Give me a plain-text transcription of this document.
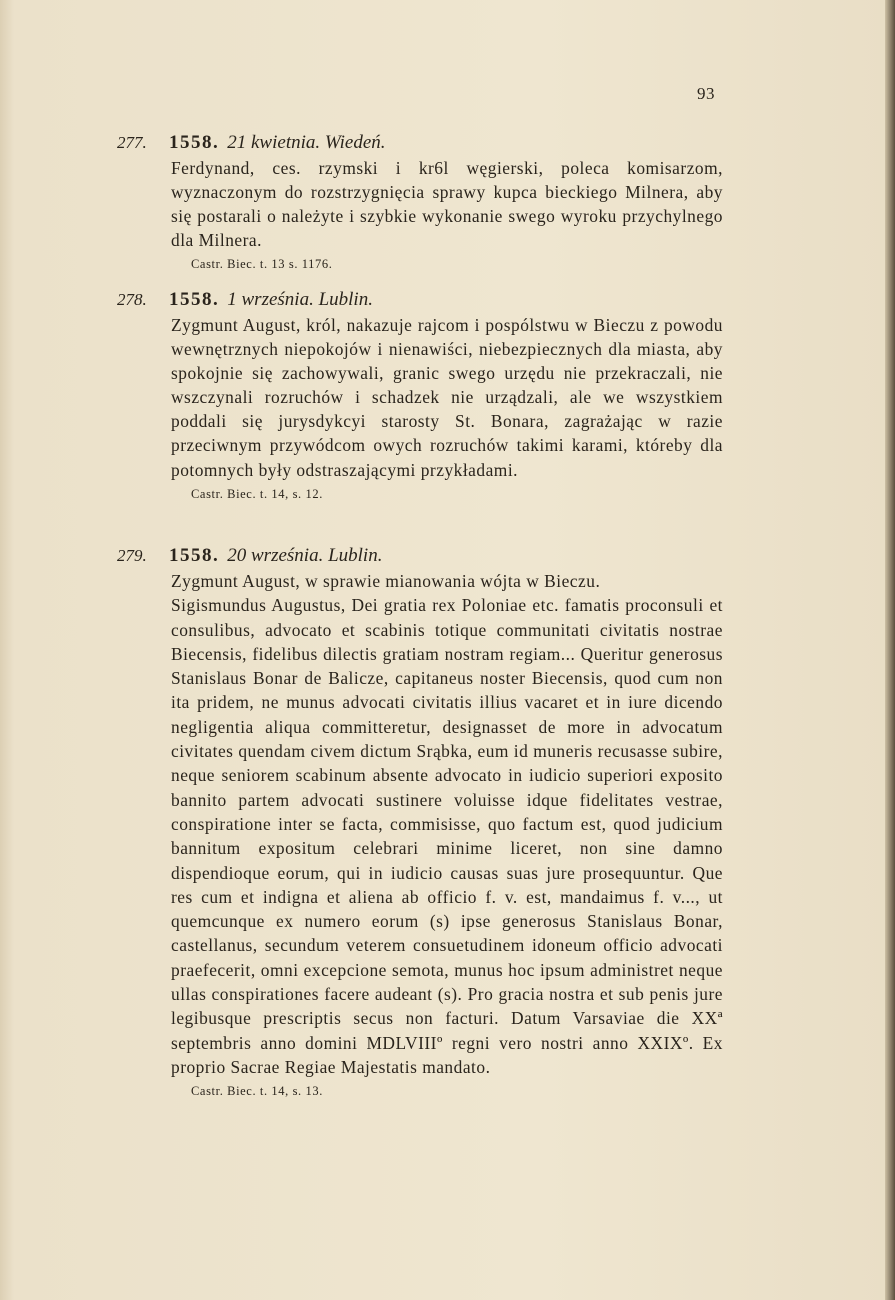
93
277. 1558. 21 kwietnia. Wiedeń.

Ferdynand, ces. rzymski i kr6l węgierski, poleca komisarzom, wyznaczonym do rozstrzygnięcia sprawy kupca bieckiego Milnera, aby się postarali o należyte i szybkie wykonanie swego wyroku przychylnego dla Milnera.

Castr. Biec. t. 13 s. 1176.
278. 1558. 1 września. Lublin.

Zygmunt August, król, nakazuje rajcom i pospólstwu w Bieczu z powodu wewnętrznych niepokojów i nienawiści, niebezpiecznych dla miasta, aby spokojnie się zachowywali, granic swego urzędu nie przekraczali, nie wszczynali rozruchów i schadzek nie urządzali, ale we wszystkiem poddali się jurysdykcyi starosty St. Bonara, zagrażając w razie przeciwnym przywódcom owych rozruchów takimi karami, któreby dla potomnych były odstraszającymi przykładami.

Castr. Biec. t. 14, s. 12.
279. 1558. 20 września. Lublin.

Zygmunt August, w sprawie mianowania wójta w Bieczu.

Sigismundus Augustus, Dei gratia rex Poloniae etc. famatis proconsuli et consulibus, advocato et scabinis totique communitati civitatis nostrae Biecensis, fidelibus dilectis gratiam nostram regiam... Queritur generosus Stanislaus Bonar de Balicze, capitaneus noster Biecensis, quod cum non ita pridem, ne munus advocati civitatis illius vacaret et in iure dicendo negligentia aliqua committeretur, designasset de more in advocatum civitates quendam civem dictum Srąbka, eum id muneris recusasse subire, neque seniorem scabinum absente advocato in iudicio superiori exposito bannito partem advocati sustinere voluisse idque fidelitates vestrae, conspiratione inter se facta, commisisse, quo factum est, quod judicium bannitum expositum celebrari minime liceret, non sine damno dispendioque eorum, qui in iudicio causas suas jure prosequuntur. Que res cum et indigna et aliena ab officio f. v. est, mandaimus f. v..., ut quemcunque ex numero eorum (s) ipse generosus Stanislaus Bonar, castellanus, secundum veterem consuetudinem idoneum officio advocati praefecerit, omni excepcione semota, munus hoc ipsum administret neque ullas conspirationes facere audeant (s). Pro gracia nostra et sub penis jure legibusque prescriptis secus non facturi. Datum Varsaviae die XXª septembris anno domini MDLVIIIº regni vero nostri anno XXIXº. Ex proprio Sacrae Regiae Majestatis mandato.

Castr. Biec. t. 14, s. 13.
